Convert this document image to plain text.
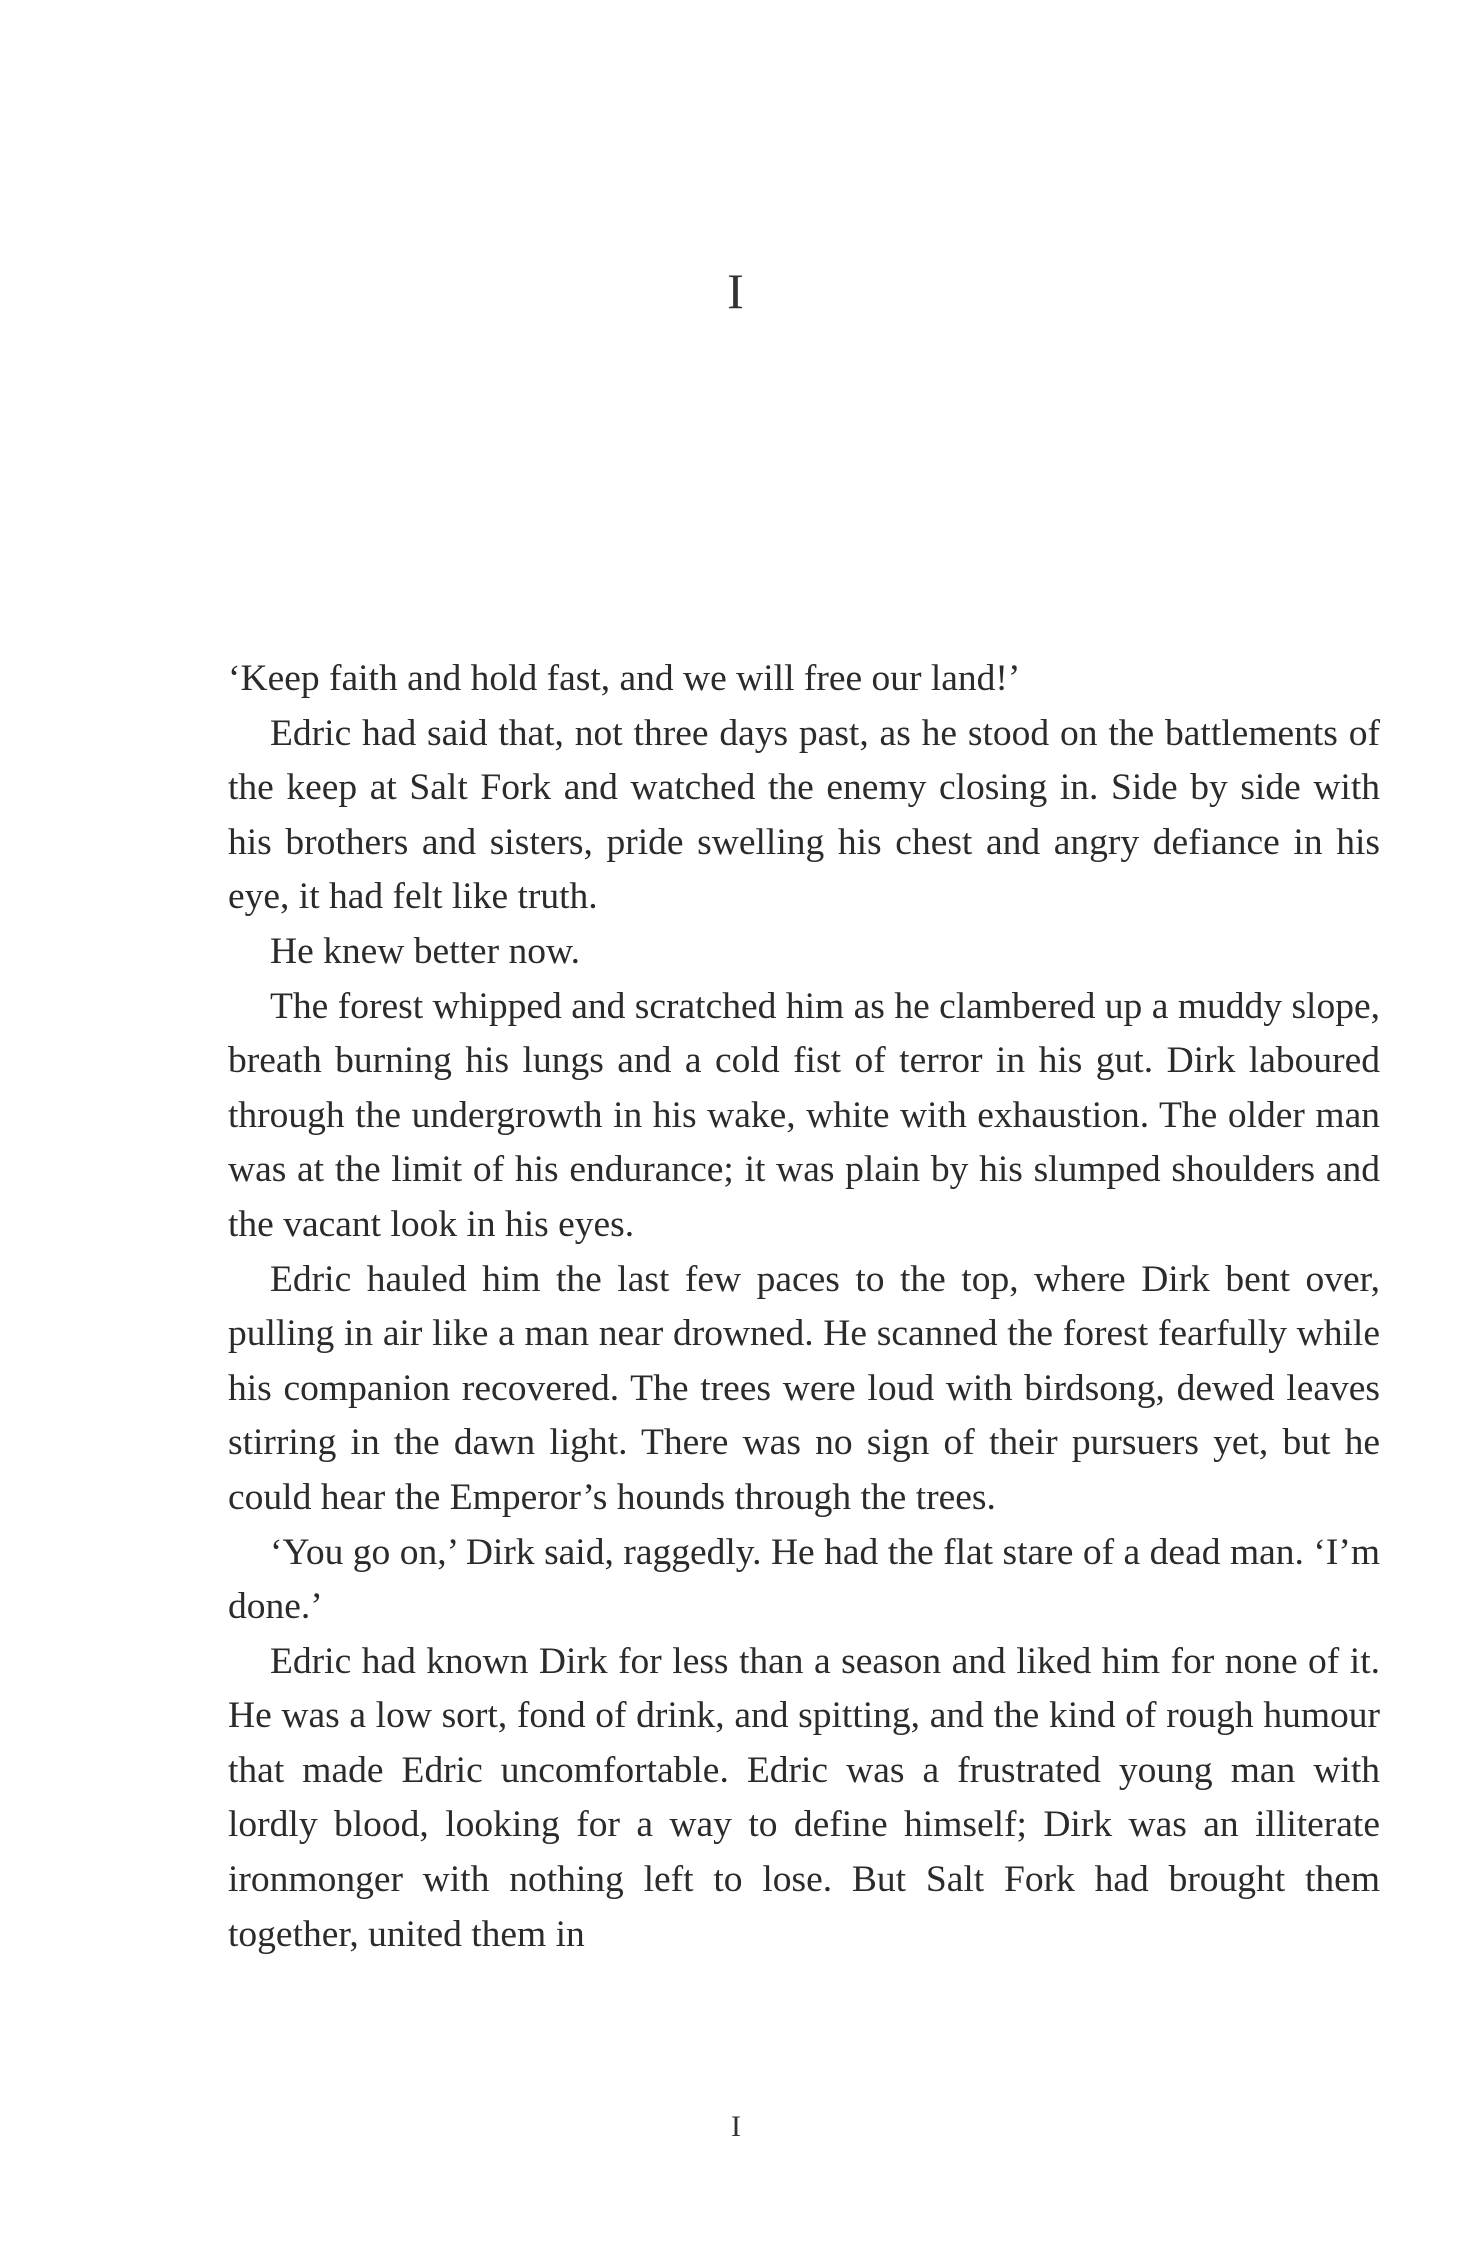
I

‘Keep faith and hold fast, and we will free our land!’

Edric had said that, not three days past, as he stood on the battlements of the keep at Salt Fork and watched the enemy closing in. Side by side with his brothers and sisters, pride swelling his chest and angry defiance in his eye, it had felt like truth.

He knew better now.

The forest whipped and scratched him as he clambered up a muddy slope, breath burning his lungs and a cold fist of terror in his gut. Dirk laboured through the undergrowth in his wake, white with exhaustion. The older man was at the limit of his endurance; it was plain by his slumped shoulders and the vacant look in his eyes.

Edric hauled him the last few paces to the top, where Dirk bent over, pulling in air like a man near drowned. He scanned the forest fearfully while his companion recovered. The trees were loud with birdsong, dewed leaves stirring in the dawn light. There was no sign of their pursuers yet, but he could hear the Emperor’s hounds through the trees.

‘You go on,’ Dirk said, raggedly. He had the flat stare of a dead man. ‘I’m done.’

Edric had known Dirk for less than a season and liked him for none of it. He was a low sort, fond of drink, and spitting, and the kind of rough humour that made Edric uncomfortable. Edric was a frustrated young man with lordly blood, looking for a way to define himself; Dirk was an illiterate ironmonger with nothing left to lose. But Salt Fork had brought them together, united them in

I
